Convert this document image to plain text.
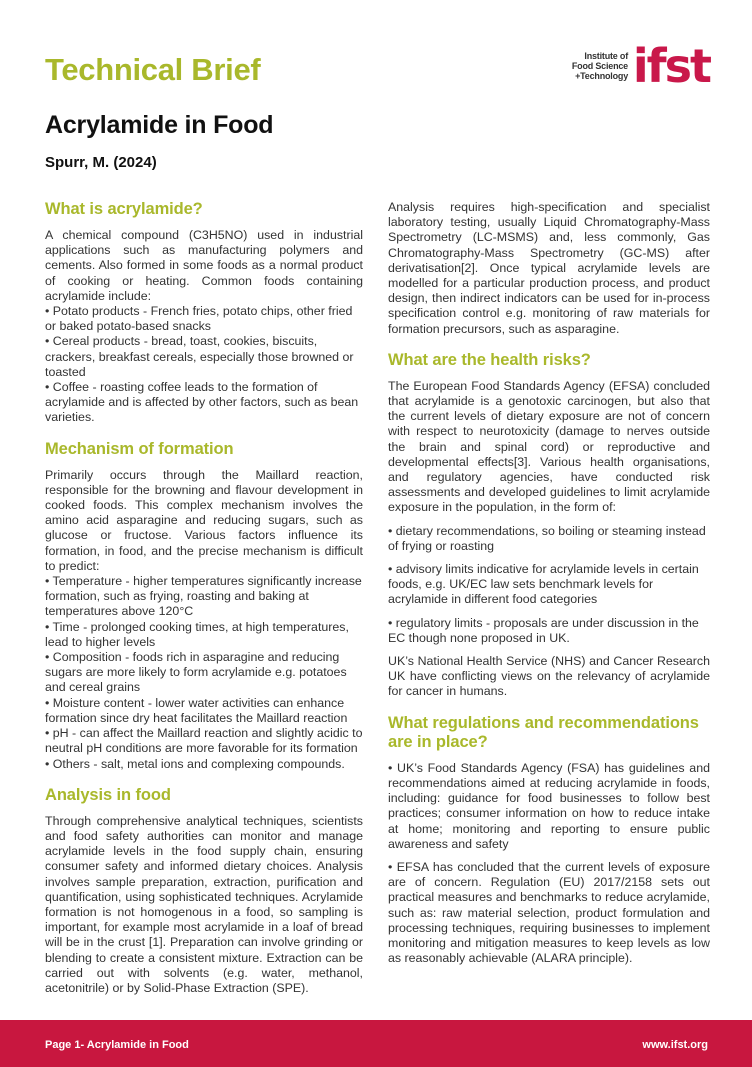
Technical Brief
Acrylamide in Food
Spurr, M. (2024)
Institute of
Food Science
+Technology ifst
What is acrylamide?

A chemical compound (C3H5NO) used in industrial applications such as manufacturing polymers and cements. Also formed in some foods as a normal product of cooking or heating. Common foods containing acrylamide include:

• Potato products - French fries, potato chips, other fried or baked potato-based snacks
• Cereal products - bread, toast, cookies, biscuits, crackers, breakfast cereals, especially those browned or toasted
• Coffee - roasting coffee leads to the formation of acrylamide and is affected by other factors, such as bean varieties.
Mechanism of formation

Primarily occurs through the Maillard reaction, responsible for the browning and flavour development in cooked foods. This complex mechanism involves the amino acid asparagine and reducing sugars, such as glucose or fructose. Various factors influence its formation, in food, and the precise mechanism is difficult to predict:

• Temperature - higher temperatures significantly increase formation, such as frying, roasting and baking at temperatures above 120°C
• Time - prolonged cooking times, at high temperatures, lead to higher levels
• Composition - foods rich in asparagine and reducing sugars are more likely to form acrylamide e.g. potatoes and cereal grains
• Moisture content - lower water activities can enhance formation since dry heat facilitates the Maillard reaction
• pH - can affect the Maillard reaction and slightly acidic to neutral pH conditions are more favorable for its formation
• Others - salt, metal ions and complexing compounds.
Analysis in food

Through comprehensive analytical techniques, scientists and food safety authorities can monitor and manage acrylamide levels in the food supply chain, ensuring consumer safety and informed dietary choices. Analysis involves sample preparation, extraction, purification and quantification, using sophisticated techniques. Acrylamide formation is not homogenous in a food, so sampling is important, for example most acrylamide in a loaf of bread will be in the crust [1]. Preparation can involve grinding or blending to create a consistent mixture. Extraction can be carried out with solvents (e.g. water, methanol, acetonitrile) or by Solid-Phase Extraction (SPE).

Analysis requires high-specification and specialist laboratory testing, usually Liquid Chromatography-Mass Spectrometry (LC-MSMS) and, less commonly, Gas Chromatography-Mass Spectrometry (GC-MS) after derivatisation[2]. Once typical acrylamide levels are modelled for a particular production process, and product design, then indirect indicators can be used for in-process specification control e.g. monitoring of raw materials for formation precursors, such as asparagine.

What are the health risks?

The European Food Standards Agency (EFSA) concluded that acrylamide is a genotoxic carcinogen, but also that the current levels of dietary exposure are not of concern with respect to neurotoxicity (damage to nerves outside the brain and spinal cord) or reproductive and developmental effects[3]. Various health organisations, and regulatory agencies, have conducted risk assessments and developed guidelines to limit acrylamide exposure in the population, in the form of:

• dietary recommendations, so boiling or steaming instead of frying or roasting

• advisory limits indicative for acrylamide levels in certain foods, e.g. UK/EC law sets benchmark levels for acrylamide in different food categories

• regulatory limits - proposals are under discussion in the EC though none proposed in UK.

UK’s National Health Service (NHS) and Cancer Research UK have conflicting views on the relevancy of acrylamide for cancer in humans.

What regulations and recommendations are in place?

• UK’s Food Standards Agency (FSA) has guidelines and recommendations aimed at reducing acrylamide in foods, including: guidance for food businesses to follow best practices; consumer information on how to reduce intake at home; monitoring and reporting to ensure public awareness and safety

• EFSA has concluded that the current levels of exposure are of concern. Regulation (EU) 2017/2158 sets out practical measures and benchmarks to reduce acrylamide, such as: raw material selection, product formulation and processing techniques, requiring businesses to implement monitoring and mitigation measures to keep levels as low as reasonably achievable (ALARA principle).

Page 1- Acrylamide in Food	www.ifst.org
